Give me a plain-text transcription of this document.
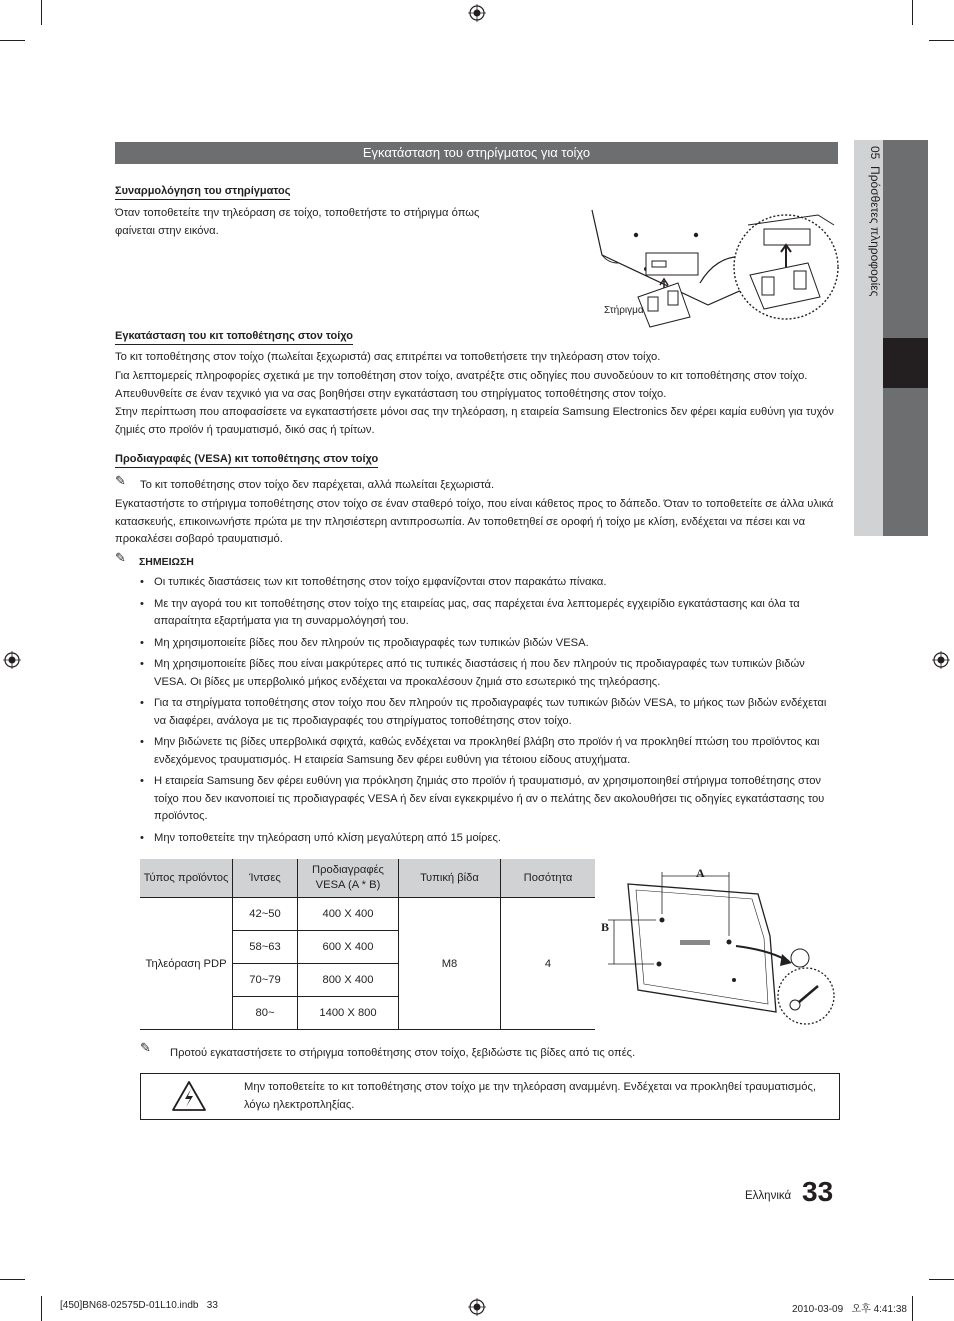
05  Πρόσθετες πληροφορίες
Εγκατάσταση του στηρίγματος για τοίχο
Συναρμολόγηση του στηρίγματος

Όταν τοποθετείτε την τηλεόραση σε τοίχο, τοποθετήστε το στήριγμα όπως φαίνεται στην εικόνα.

Στήριγμα
Εγκατάσταση του κιτ τοποθέτησης στον τοίχο

Το κιτ τοποθέτησης στον τοίχο (πωλείται ξεχωριστά) σας επιτρέπει να τοποθετήσετε την τηλεόραση στον τοίχο.

Για λεπτομερείς πληροφορίες σχετικά με την τοποθέτηση στον τοίχο, ανατρέξτε στις οδηγίες που συνοδεύουν το κιτ τοποθέτησης στον τοίχο. Απευθυνθείτε σε έναν τεχνικό για να σας βοηθήσει στην εγκατάσταση του στηρίγματος τοποθέτησης στον τοίχο.

Στην περίπτωση που αποφασίσετε να εγκαταστήσετε μόνοι σας την τηλεόραση, η εταιρεία Samsung Electronics δεν φέρει καμία ευθύνη για τυχόν ζημιές στο προϊόν ή τραυματισμό, δικό σας ή τρίτων.

Προδιαγραφές (VESA) κιτ τοποθέτησης στον τοίχο
✎ Το κιτ τοποθέτησης στον τοίχο δεν παρέχεται, αλλά πωλείται ξεχωριστά.

Εγκαταστήστε το στήριγμα τοποθέτησης στον τοίχο σε έναν σταθερό τοίχο, που είναι κάθετος προς το δάπεδο. Όταν το τοποθετείτε σε άλλα υλικά κατασκευής, επικοινωνήστε πρώτα με την πλησιέστερη αντιπροσωπία. Αν τοποθετηθεί σε οροφή ή τοίχο με κλίση, ενδέχεται να πέσει και να προκαλέσει σοβαρό τραυματισμό.

✎ ΣΗΜΕΙΩΣΗ
• Οι τυπικές διαστάσεις των κιτ τοποθέτησης στον τοίχο εμφανίζονται στον παρακάτω πίνακα.
• Με την αγορά του κιτ τοποθέτησης στον τοίχο της εταιρείας μας, σας παρέχεται ένα λεπτομερές εγχειρίδιο εγκατάστασης και όλα τα απαραίτητα εξαρτήματα για τη συναρμολόγησή του.
• Μη χρησιμοποιείτε βίδες που δεν πληρούν τις προδιαγραφές των τυπικών βιδών VESA.
• Μη χρησιμοποιείτε βίδες που είναι μακρύτερες από τις τυπικές διαστάσεις ή που δεν πληρούν τις προδιαγραφές των τυπικών βιδών VESA. Οι βίδες με υπερβολικό μήκος ενδέχεται να προκαλέσουν ζημιά στο εσωτερικό της τηλεόρασης.
• Για τα στηρίγματα τοποθέτησης στον τοίχο που δεν πληρούν τις προδιαγραφές των τυπικών βιδών VESA, το μήκος των βιδών ενδέχεται να διαφέρει, ανάλογα με τις προδιαγραφές του στηρίγματος τοποθέτησης στον τοίχο.
• Μην βιδώνετε τις βίδες υπερβολικά σφιχτά, καθώς ενδέχεται να προκληθεί βλάβη στο προϊόν ή να προκληθεί πτώση του προϊόντος και ενδεχόμενος τραυματισμός. Η εταιρεία Samsung δεν φέρει ευθύνη για τέτοιου είδους ατυχήματα.
• Η εταιρεία Samsung δεν φέρει ευθύνη για πρόκληση ζημιάς στο προϊόν ή τραυματισμό, αν χρησιμοποιηθεί στήριγμα τοποθέτησης στον τοίχο που δεν ικανοποιεί τις προδιαγραφές VESA ή δεν είναι εγκεκριμένο ή αν ο πελάτης δεν ακολουθήσει τις οδηγίες εγκατάστασης του προϊόντος.
• Μην τοποθετείτε την τηλεόραση υπό κλίση μεγαλύτερη από 15 μοίρες.
Τύπος προϊόντος	Ίντσες	Προδιαγραφές VESA (A * B)	Τυπική βίδα	Ποσότητα
Τηλεόραση PDP	42~50	400 X 400	M8	4
	58~63	600 X 400		
	70~79	800 X 400		
	80~	1400 X 800		
A
B
✎ Προτού εγκαταστήσετε το στήριγμα τοποθέτησης στον τοίχο, ξεβιδώστε τις βίδες από τις οπές.

Μην τοποθετείτε το κιτ τοποθέτησης στον τοίχο με την τηλεόραση αναμμένη. Ενδέχεται να προκληθεί τραυματισμός, λόγω ηλεκτροπληξίας.

Ελληνικά 33
[450]BN68-02575D-01L10.indb   33	2010-03-09   오후 4:41:38
